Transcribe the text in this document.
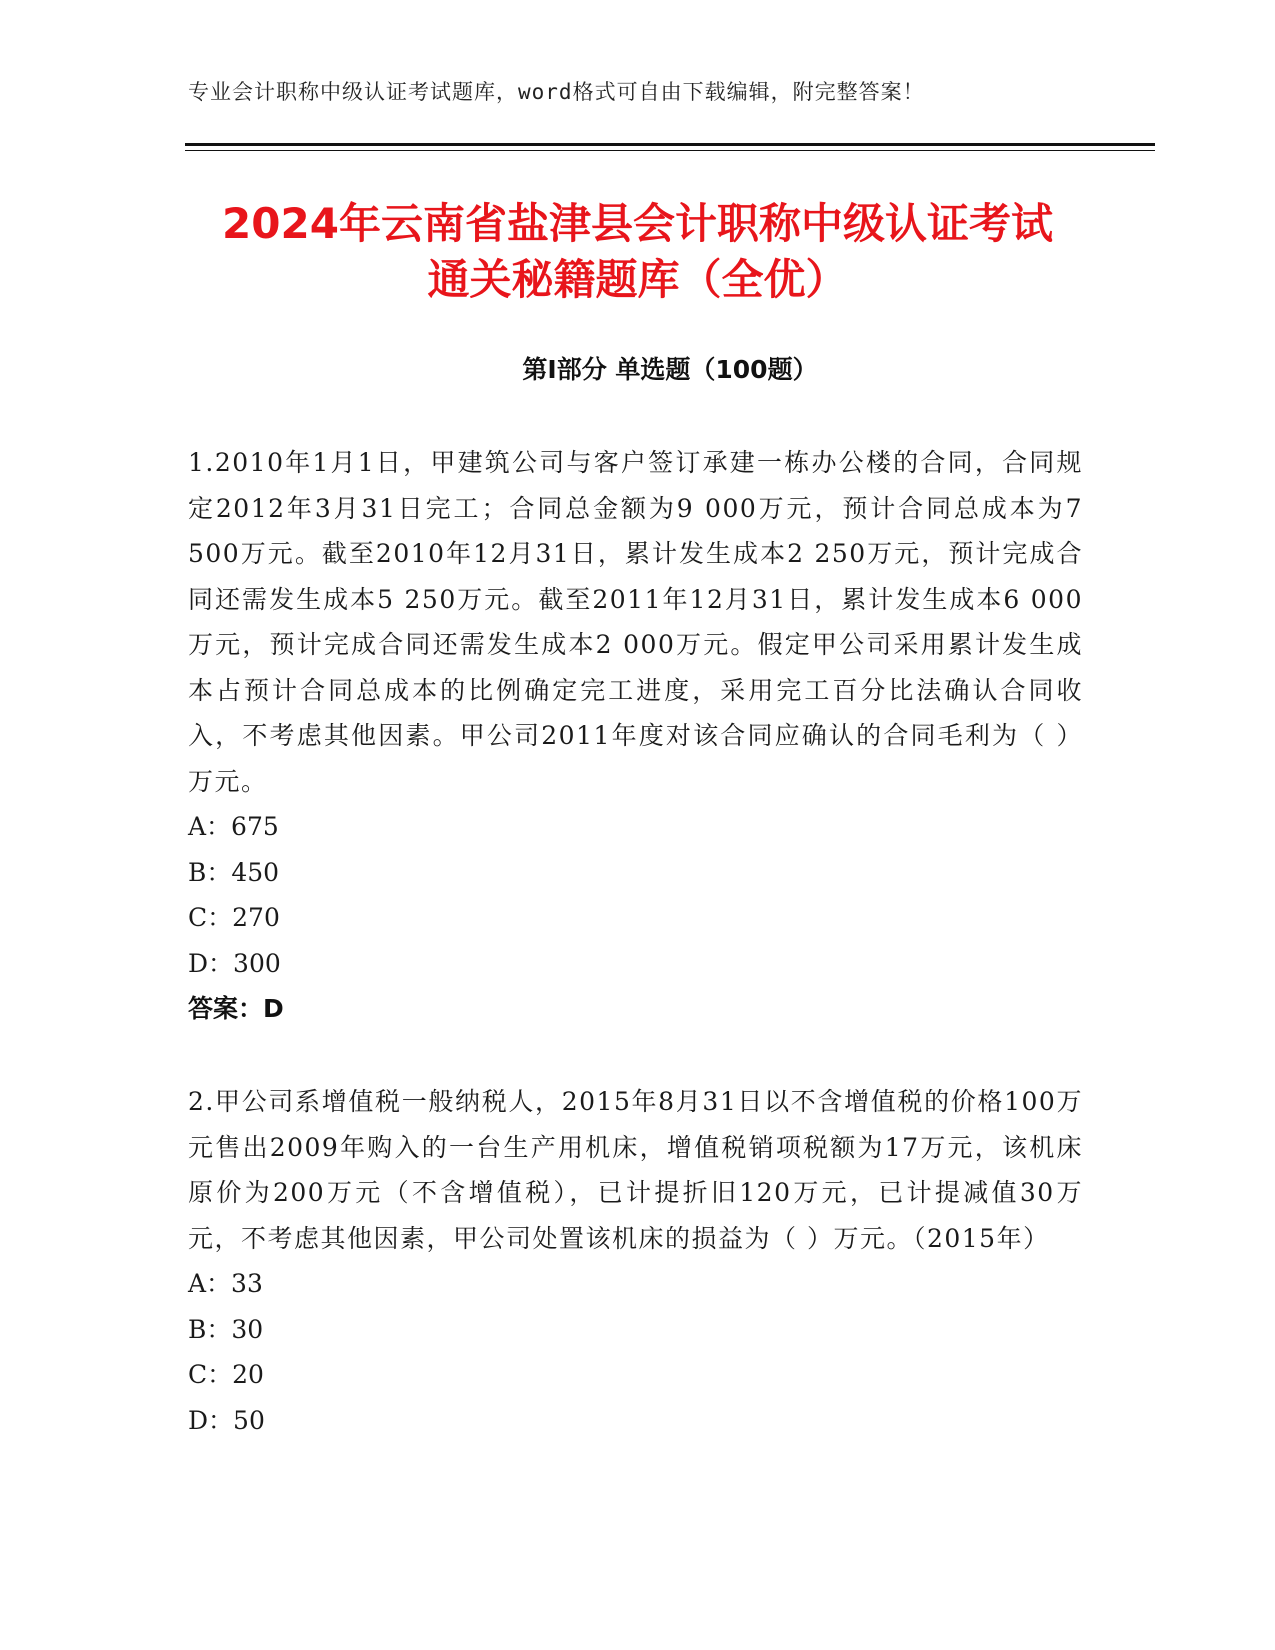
专业会计职称中级认证考试题库，word格式可自由下载编辑，附完整答案！
2024年云南省盐津县会计职称中级认证考试
通关秘籍题库（全优）
第Ⅰ部分 单选题（100题）

1.2010年1月1日，甲建筑公司与客户签订承建一栋办公楼的合同，合同规定2012年3月31日完工；合同总金额为9 000万元，预计合同总成本为7 500万元。截至2010年12月31日，累计发生成本2 250万元，预计完成合同还需发生成本5 250万元。截至2011年12月31日，累计发生成本6 000万元，预计完成合同还需发生成本2 000万元。假定甲公司采用累计发生成本占预计合同总成本的比例确定完工进度，采用完工百分比法确认合同收入，不考虑其他因素。甲公司2011年度对该合同应确认的合同毛利为（ ）万元。

A：675

B：450

C：270

D：300

答案：D

2.甲公司系增值税一般纳税人，2015年8月31日以不含增值税的价格100万元售出2009年购入的一台生产用机床，增值税销项税额为17万元，该机床原价为200万元（不含增值税），已计提折旧120万元，已计提减值30万元，不考虑其他因素，甲公司处置该机床的损益为（ ）万元。（2015年）

A：33

B：30

C：20

D：50
